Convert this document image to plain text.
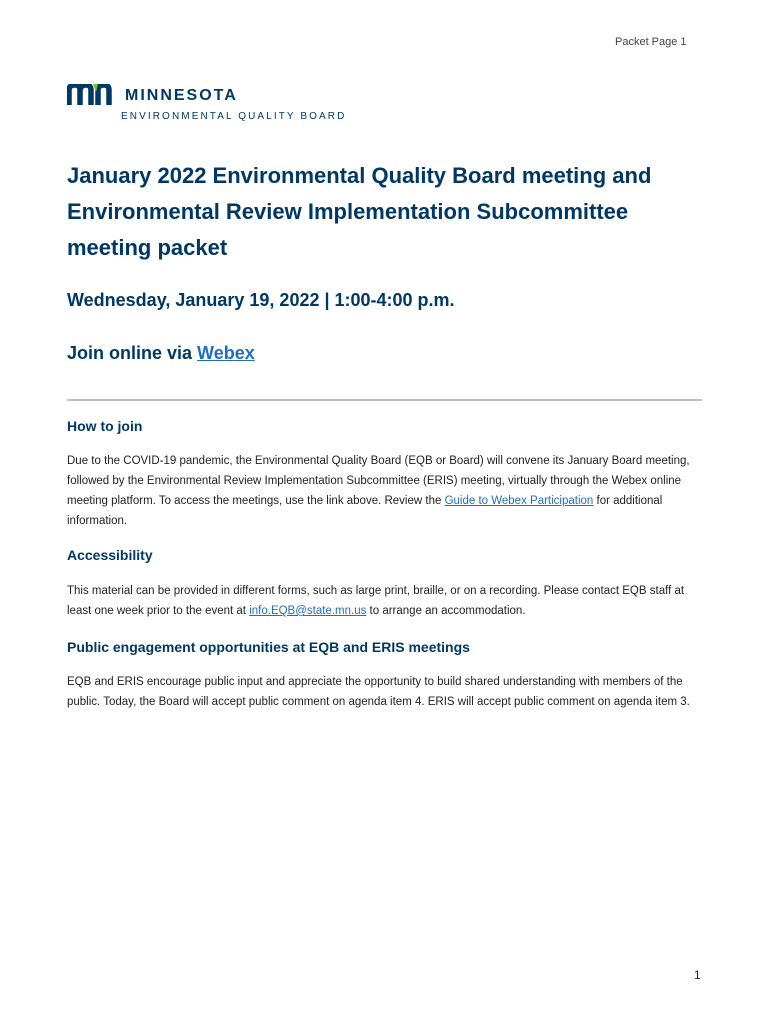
Packet Page 1
MINNESOTA
ENVIRONMENTAL QUALITY BOARD
January 2022 Environmental Quality Board meeting and Environmental Review Implementation Subcommittee meeting packet
Wednesday, January 19, 2022 | 1:00-4:00 p.m.
Join online via Webex
How to join

Due to the COVID-19 pandemic, the Environmental Quality Board (EQB or Board) will convene its January Board meeting, followed by the Environmental Review Implementation Subcommittee (ERIS) meeting, virtually through the Webex online meeting platform. To access the meetings, use the link above. Review the Guide to Webex Participation for additional information.

Accessibility

This material can be provided in different forms, such as large print, braille, or on a recording. Please contact EQB staff at least one week prior to the event at info.EQB@state.mn.us to arrange an accommodation.

Public engagement opportunities at EQB and ERIS meetings

EQB and ERIS encourage public input and appreciate the opportunity to build shared understanding with members of the public. Today, the Board will accept public comment on agenda item 4. ERIS will accept public comment on agenda item 3.

1
